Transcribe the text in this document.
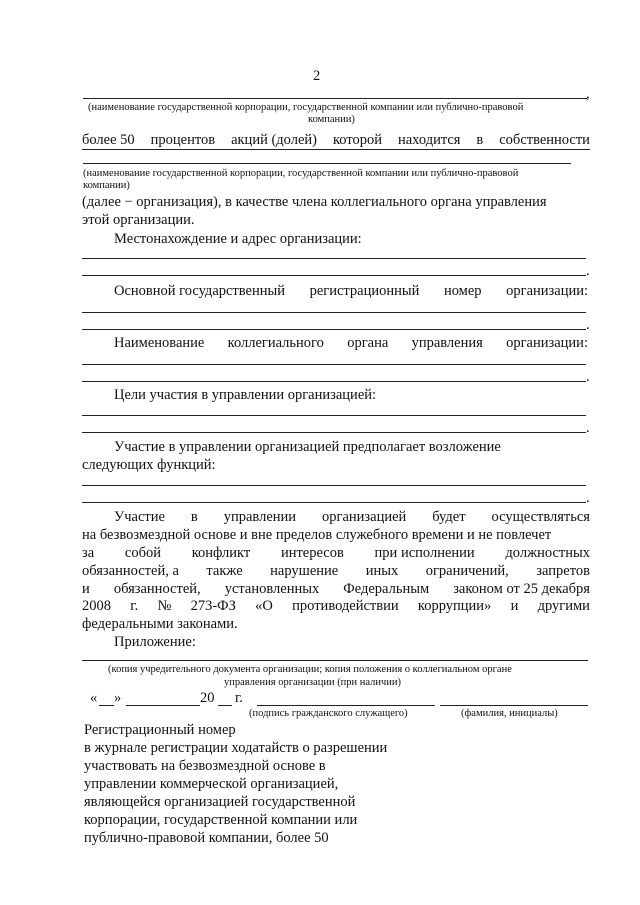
2
,
(наименование государственной корпорации, государственной компании или публично-правовой
компании)
более 50 процентов акций (долей) которой находится в собственности
(наименование государственной корпорации, государственной компании или публично-правовой
компании)
(далее − организация), в качестве члена коллегиального органа управления
этой организации.
Местонахождение и адрес организации:
.
Основной государственный регистрационный номер организации:
.
Наименование коллегиального органа управления организации:
.
Цели участия в управлении организацией:
.
Участие в управлении организацией предполагает возложение
следующих функций:
.
Участие в управлении организацией будет осуществляться
на безвозмездной основе и вне пределов служебного времени и не повлечет
за собой конфликт интересов при исполнении должностных
обязанностей, а также нарушение иных ограничений, запретов
и обязанностей, установленных Федеральным законом от 25 декабря
2008 г. № 273-ФЗ «О противодействии коррупции» и другими
федеральными законами.
Приложение:
(копия учредительного документа организации; копия положения о коллегиальном органе
управления организации (при наличии)
« »	20 г.
(подпись гражданского служащего)	(фамилия, инициалы)
Регистрационный номер
в журнале регистрации ходатайств о разрешении
участвовать на безвозмездной основе в
управлении коммерческой организацией,
являющейся организацией государственной
корпорации, государственной компании или
публично-правовой компании, более 50
